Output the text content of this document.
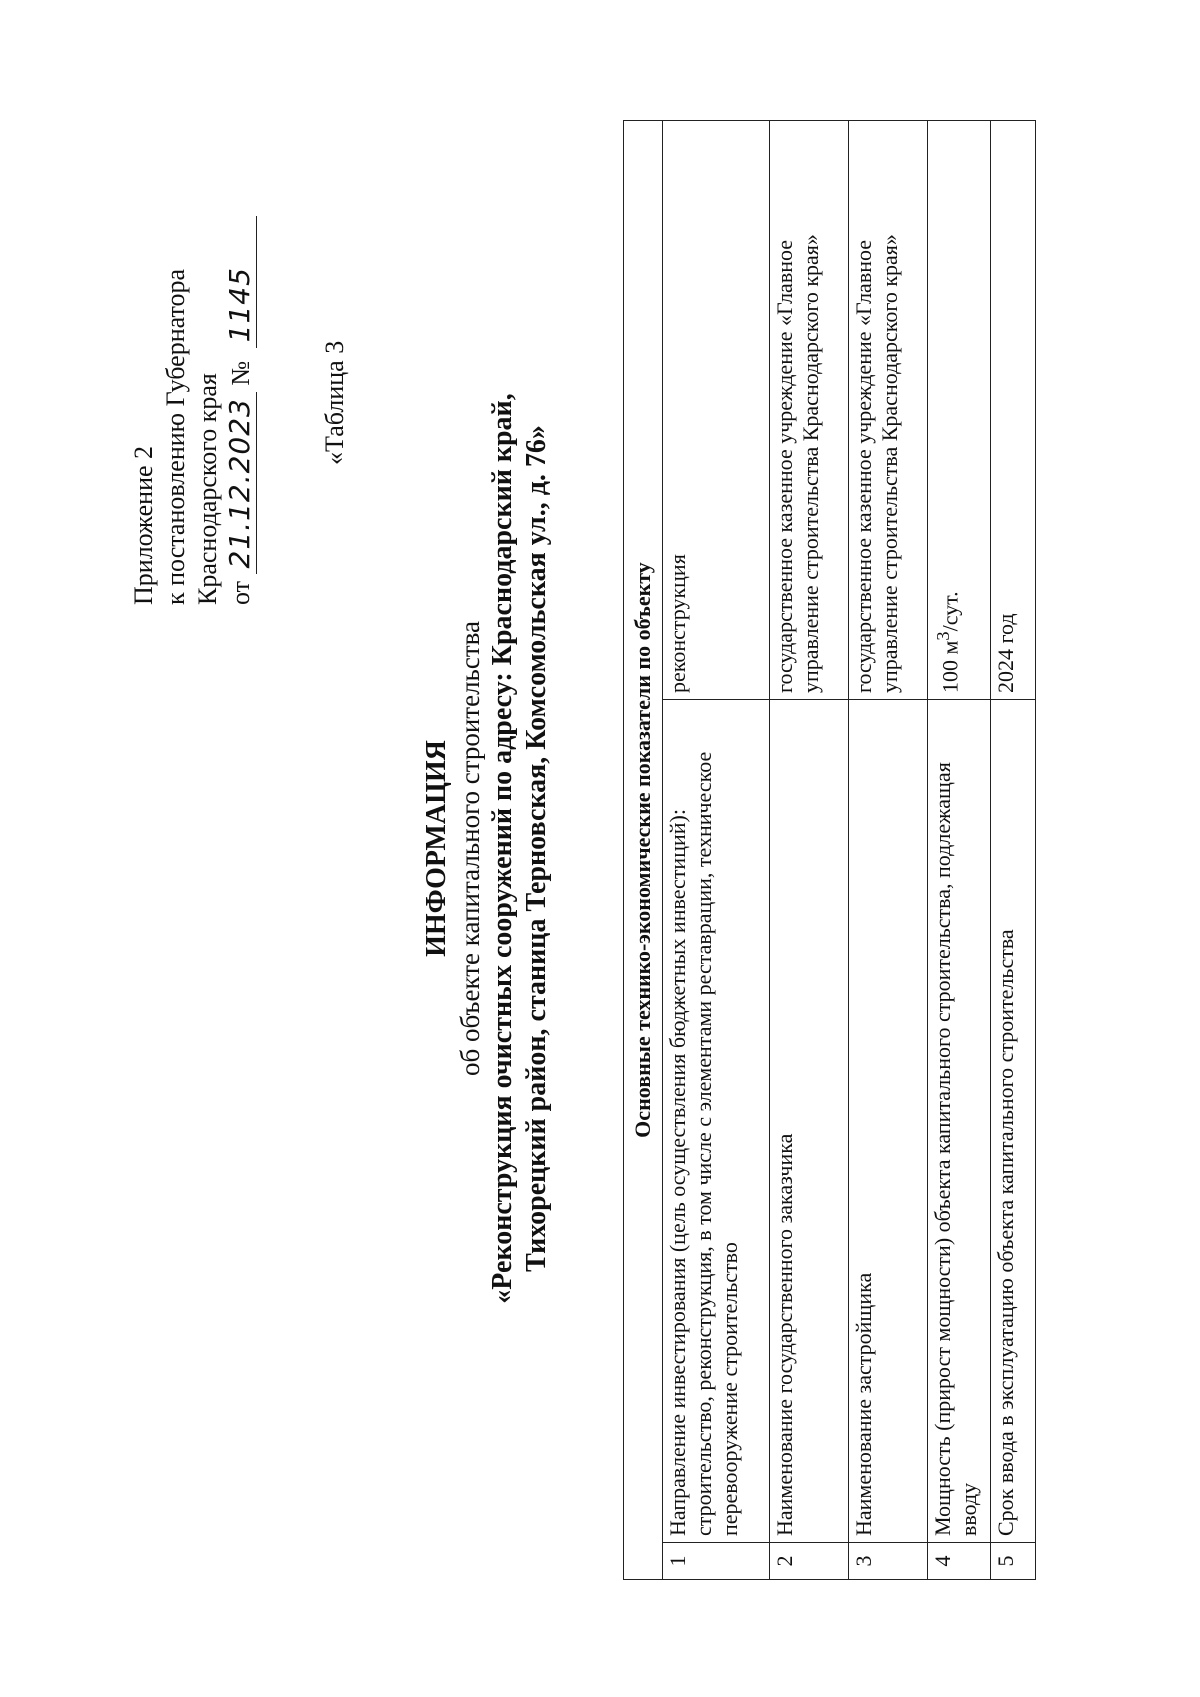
Приложение 2 к постановлению Губернатора Краснодарского края от 21.12.2023 № 1145
«Таблица 3
ИНФОРМАЦИЯ об объекте капитального строительства «Реконструкция очистных сооружений по адресу: Краснодарский край, Тихорецкий район, станица Терновская, Комсомольская ул., д. 76»	Основные технико-экономические показатели по объекту		
1	Направление инвестирования (цель осуществления бюджетных инвестиций): строительство, реконструкция, в том числе с элементами реставрации, техническое перевооружение строительство	реконструкция
2	Наименование государственного заказчика	государственное казенное учреждение «Главное управление строительства Краснодарского края»
3	Наименование застройщика	государственное казенное учреждение «Главное управление строительства Краснодарского края»
4	Мощность (прирост мощности) объекта капитального строительства, подлежащая вводу	100 $м^3$/сут.
5	Срок ввода в эксплуатацию объекта капитального строительства	2024 год
